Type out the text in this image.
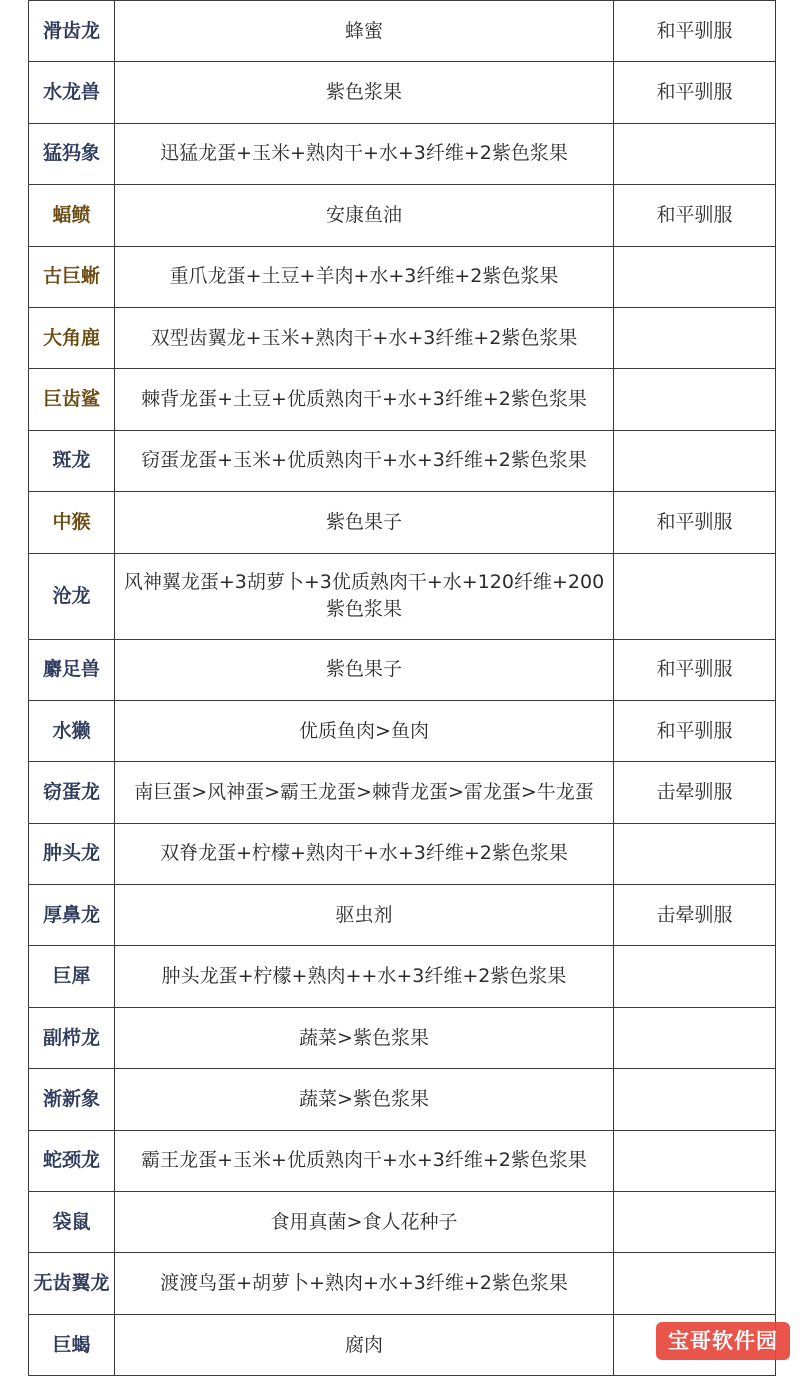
滑齿龙	蜂蜜	和平驯服
水龙兽	紫色浆果	和平驯服
猛犸象	迅猛龙蛋+玉米+熟肉干+水+3纤维+2紫色浆果	
蝠鲼	安康鱼油	和平驯服
古巨蜥	重爪龙蛋+土豆+羊肉+水+3纤维+2紫色浆果	
大角鹿	双型齿翼龙+玉米+熟肉干+水+3纤维+2紫色浆果	
巨齿鲨	棘背龙蛋+土豆+优质熟肉干+水+3纤维+2紫色浆果	
斑龙	窃蛋龙蛋+玉米+优质熟肉干+水+3纤维+2紫色浆果	
中猴	紫色果子	和平驯服
沧龙	风神翼龙蛋+3胡萝卜+3优质熟肉干+水+120纤维+200紫色浆果	
麝足兽	紫色果子	和平驯服
水獭	优质鱼肉>鱼肉	和平驯服
窃蛋龙	南巨蛋>风神蛋>霸王龙蛋>棘背龙蛋>雷龙蛋>牛龙蛋	击晕驯服
肿头龙	双脊龙蛋+柠檬+熟肉干+水+3纤维+2紫色浆果	
厚鼻龙	驱虫剂	击晕驯服
巨犀	肿头龙蛋+柠檬+熟肉++水+3纤维+2紫色浆果	
副栉龙	蔬菜>紫色浆果	
渐新象	蔬菜>紫色浆果	
蛇颈龙	霸王龙蛋+玉米+优质熟肉干+水+3纤维+2紫色浆果	
袋鼠	食用真菌>食人花种子	
无齿翼龙	渡渡鸟蛋+胡萝卜+熟肉+水+3纤维+2紫色浆果	
巨蝎	腐肉		宝哥软件园
